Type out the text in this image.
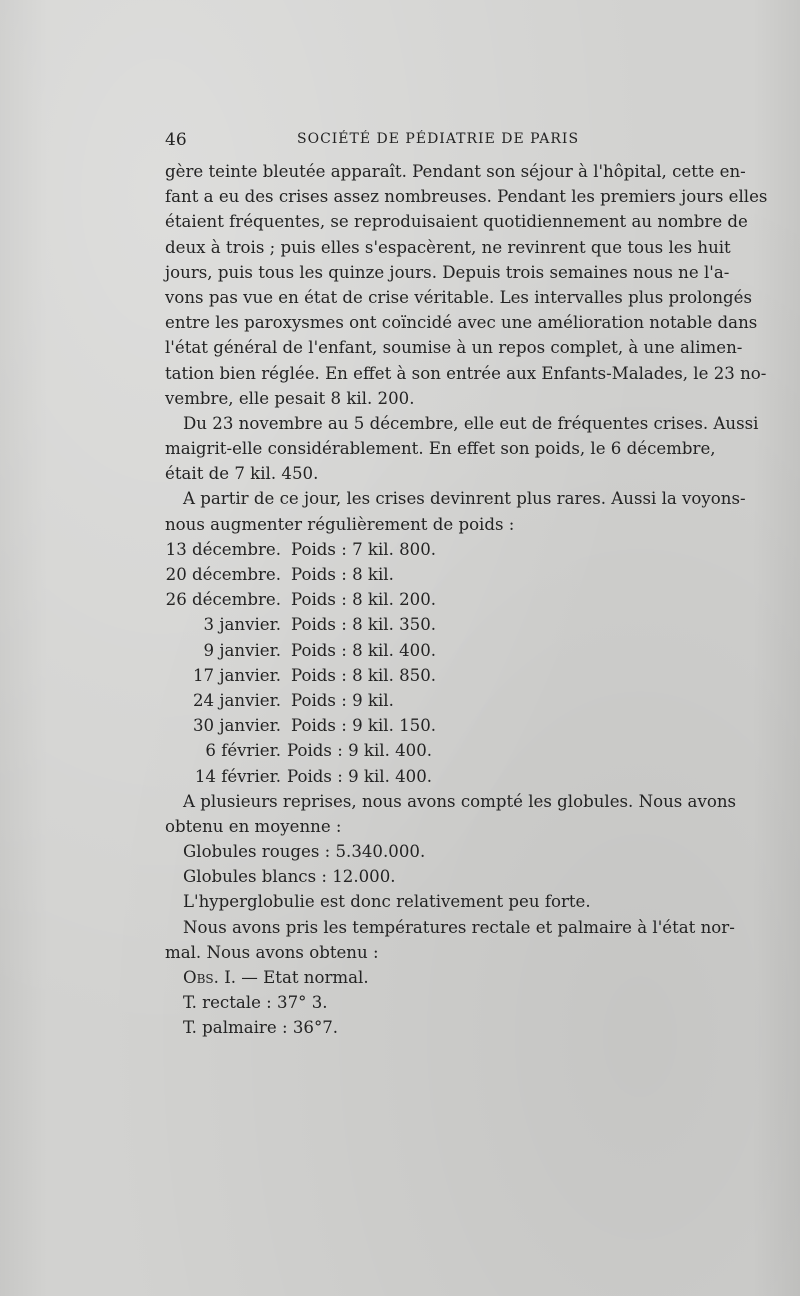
46	SOCIÉTÉ DE PÉDIATRIE DE PARIS
gère teinte bleutée apparaît. Pendant son séjour à l'hôpital, cette en-
fant a eu des crises assez nombreuses. Pendant les premiers jours elles
étaient fréquentes, se reproduisaient quotidiennement au nombre de
deux à trois ; puis elles s'espacèrent, ne revinrent que tous les huit
jours, puis tous les quinze jours. Depuis trois semaines nous ne l'a-
vons pas vue en état de crise véritable. Les intervalles plus prolongés
entre les paroxysmes ont coïncidé avec une amélioration notable dans
l'état général de l'enfant, soumise à un repos complet, à une alimen-
tation bien réglée. En effet à son entrée aux Enfants-Malades, le 23 no-
vembre, elle pesait 8 kil. 200.
Du 23 novembre au 5 décembre, elle eut de fréquentes crises. Aussi
maigrit-elle considérablement. En effet son poids, le 6 décembre,
était de 7 kil. 450.
A partir de ce jour, les crises devinrent plus rares. Aussi la voyons-
nous augmenter régulièrement de poids :
13 décembre. Poids : 7 kil. 800.
20 décembre. Poids : 8 kil.
26 décembre. Poids : 8 kil. 200.
3 janvier. Poids : 8 kil. 350.
9 janvier. Poids : 8 kil. 400.
17 janvier. Poids : 8 kil. 850.
24 janvier. Poids : 9 kil.
30 janvier. Poids : 9 kil. 150.
6 février. Poids : 9 kil. 400.
14 février. Poids : 9 kil. 400.
A plusieurs reprises, nous avons compté les globules. Nous avons
obtenu en moyenne :
Globules rouges : 5.340.000.
Globules blancs : 12.000.
L'hyperglobulie est donc relativement peu forte.
Nous avons pris les températures rectale et palmaire à l'état nor-
mal. Nous avons obtenu :
Obs. I. — Etat normal.
T. rectale : 37° 3.
T. palmaire : 36°7.
